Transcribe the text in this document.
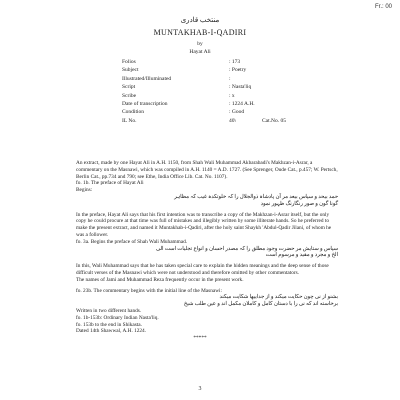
Fr.: 00
منتخب قادری
MUNTAKHAB-I-QADIRI
by
Hayat Ali
Folios	: 173
Subject	: Poetry
Illustrated/Illuminated	:
Script	: Nasta'liq
Scribe	: x
Date of transcription	: 1224 A.H.
Condition	: Good
IL No.	40\	Cat.No. 05

An extract, made by one Hayat Ali in A.H. 1150, from Shah Wali Muhammad Akbarabadi's Makhzan-i-Asrar, a commentary on the Masnawi, which was compiled in A.H. 1140 = A.D. 1727. (See Sprenger, Oude Cat., p.457; W. Pertsch, Berlin Cat., pp.734 and 790; see Ethe, India Office Lib. Cat. No. 1107).

fo. 1b. The preface of Hayat Ali

Begins:

حمد بیحد و سپاس بیعد مر آن پادشاہ ذوالجلال را کہ خلوتکدہ غیب کہ مظاہر

گونا گون و صور رنگارنگ ظہور نمود

In the preface, Hayat Ali says that his first intention was to transcribe a copy of the Makhzan-i-Asrar itself, but the only copy he could procure at that time was full of mistakes and illegibly written by some illiterate hands. So he preferred to make the present extract, and named it Muntakhab-i-Qadiri, after the holy saint Shaykh 'Abdul-Qadir Jilani, of whom he was a follower.

fo. 3a. Begins the preface of Shah Wali Muhammad.

سپاس و ستایش مر حضرت وجود مطلق را کہ مصدر احسان و انواع تجلیات است الی

الخ و مجرد و مقید و مرسوم است

In this, Wali Muhammad says that he has taken special care to explain the hidden meanings and the deep sense of those difficult verses of the Masnawi which were not understood and therefore omitted by other commentators.

The names of Jami and Muhammad Reza frequently occur in the present work.

fo. 23b. The commentary begins with the initial line of the Masnawi:

بشنو از نی چون حکایت میکند و از جداییها شکایت میکند

برخاسته اند که نی را با دستان کامل و کاملان مکمل اند و عین طلب شیخ

Written in two different hands.

fo. 1b-153b: Ordinary Indian Nasta'liq.

fo. 153b to the end in Shikasta.

Dated 14th Shawwal, A.H. 1224.

*****

3
